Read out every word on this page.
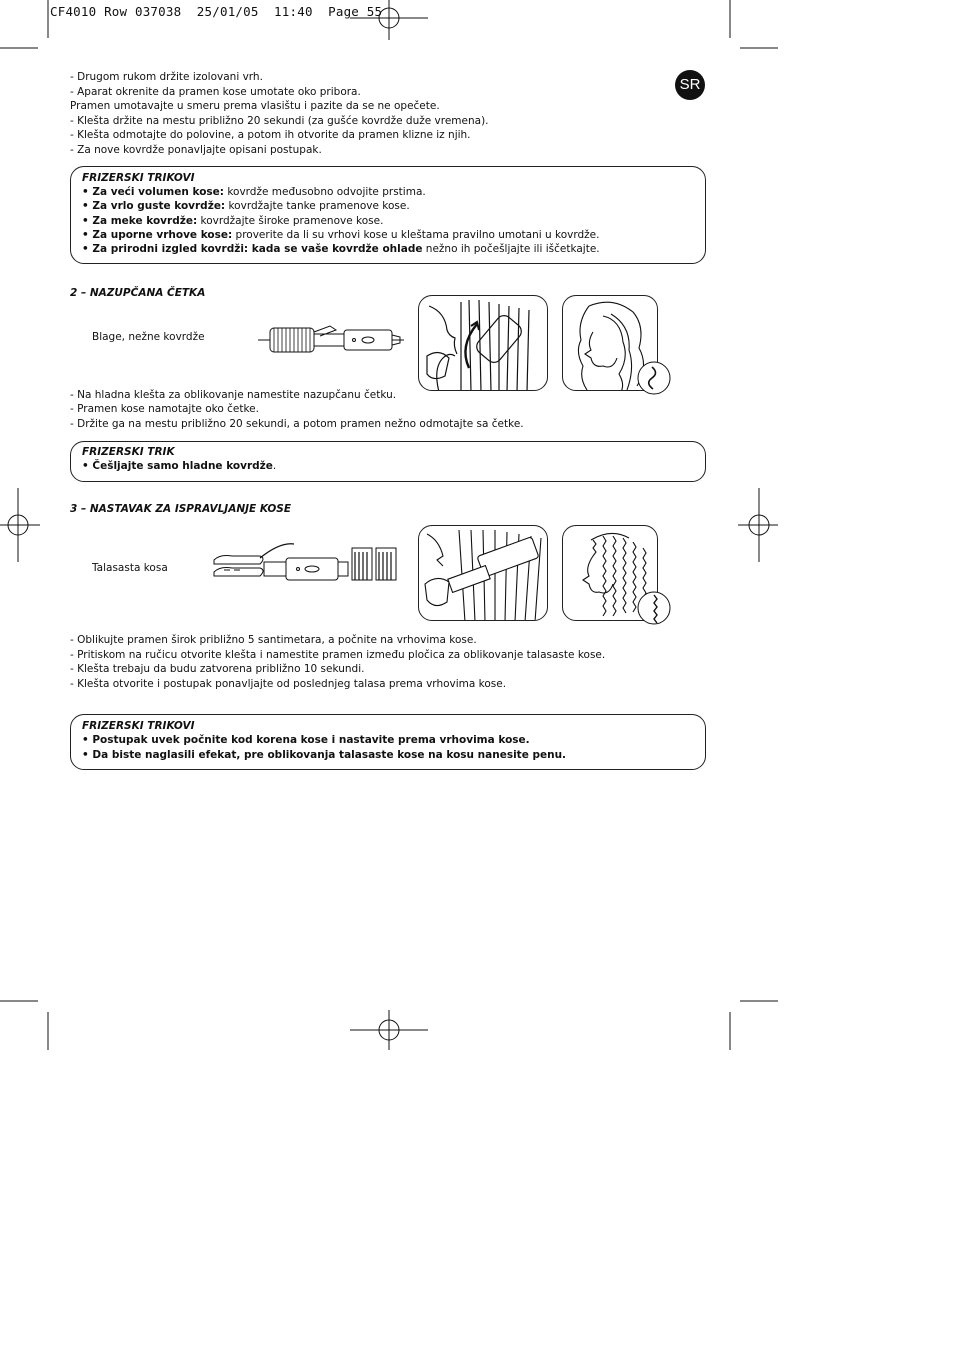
CF4010 Row 037038  25/01/05  11:40  Page 55
SR
- Drugom rukom držite izolovani vrh.
- Aparat okrenite da pramen kose umotate oko pribora.
Pramen umotavajte u smeru prema vlasištu i pazite da se ne opečete.
- Klešta držite na mestu približno 20 sekundi (za gušće kovrdže duže vremena).
- Klešta odmotajte do polovine, a potom ih otvorite da pramen klizne iz njih.
- Za nove kovrdže ponavljajte opisani postupak.
FRIZERSKI TRIKOVI
• Za veći volumen kose: kovrdže međusobno odvojite prstima.
• Za vrlo guste kovrdže: kovrdžajte tanke pramenove kose.
• Za meke kovrdže: kovrdžajte široke pramenove kose.
• Za uporne vrhove kose: proverite da li su vrhovi kose u kleštama pravilno umotani u kovrdže.
• Za prirodni izgled kovrdži: kada se vaše kovrdže ohlade nežno ih počešljajte ili iščetkajte.
2 – NAZUPČANA ČETKA
Blage, nežne kovrdže
- Na hladna klešta za oblikovanje namestite nazupčanu četku.
- Pramen kose namotajte oko četke.
- Držite ga na mestu približno 20 sekundi, a potom pramen nežno odmotajte sa četke.
FRIZERSKI TRIK
• Češljajte samo hladne kovrdže.
3 – NASTAVAK ZA ISPRAVLJANJE KOSE
Talasasta kosa
- Oblikujte pramen širok približno 5 santimetara, a počnite na vrhovima kose.
- Pritiskom na ručicu otvorite klešta i namestite pramen između pločica za oblikovanje talasaste kose.
- Klešta trebaju da budu zatvorena približno 10 sekundi.
- Klešta otvorite i postupak ponavljajte od poslednjeg talasa prema vrhovima kose.
FRIZERSKI TRIKOVI
• Postupak uvek počnite kod korena kose i nastavite prema vrhovima kose.
• Da biste naglasili efekat, pre oblikovanja talasaste kose na kosu nanesite penu.
